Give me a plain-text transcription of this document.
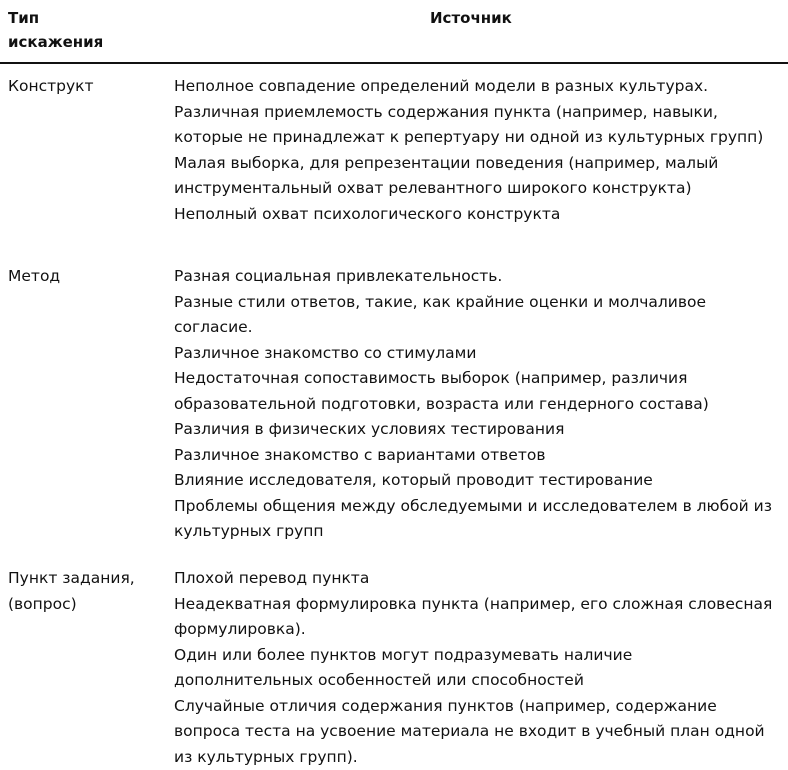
Тип
искажения
Источник
Конструкт	Неполное совпадение определений модели в разных культурах.

Различная приемлемость содержания пункта (например, навыки, которые не принадлежат к репертуару ни одной из культурных групп)

Малая выборка, для репрезентации поведения (например, малый инструментальный охват релевантного широкого конструкта)

Неполный охват психологического конструкта

Метод	Разная социальная привлекательность.

Разные стили ответов, такие, как крайние оценки и молчаливое согласие.

Различное знакомство со стимулами

Недостаточная сопоставимость выборок (например, различия образовательной подготовки, возраста или гендерного состава)

Различия в физических условиях тестирования

Различное знакомство с вариантами ответов

Влияние исследователя, который проводит тестирование

Проблемы общения между обследуемыми и исследователем в любой из культурных групп

Пункт задания,
(вопрос)

Плохой перевод пункта

Неадекватная формулировка пункта (например, его сложная словесная формулировка).

Один или более пунктов могут подразумевать наличие дополнительных особенностей или способностей

Случайные отличия содержания пунктов (например, содержание вопроса теста на усвоение материала не входит в учебный план одной из культурных групп).
